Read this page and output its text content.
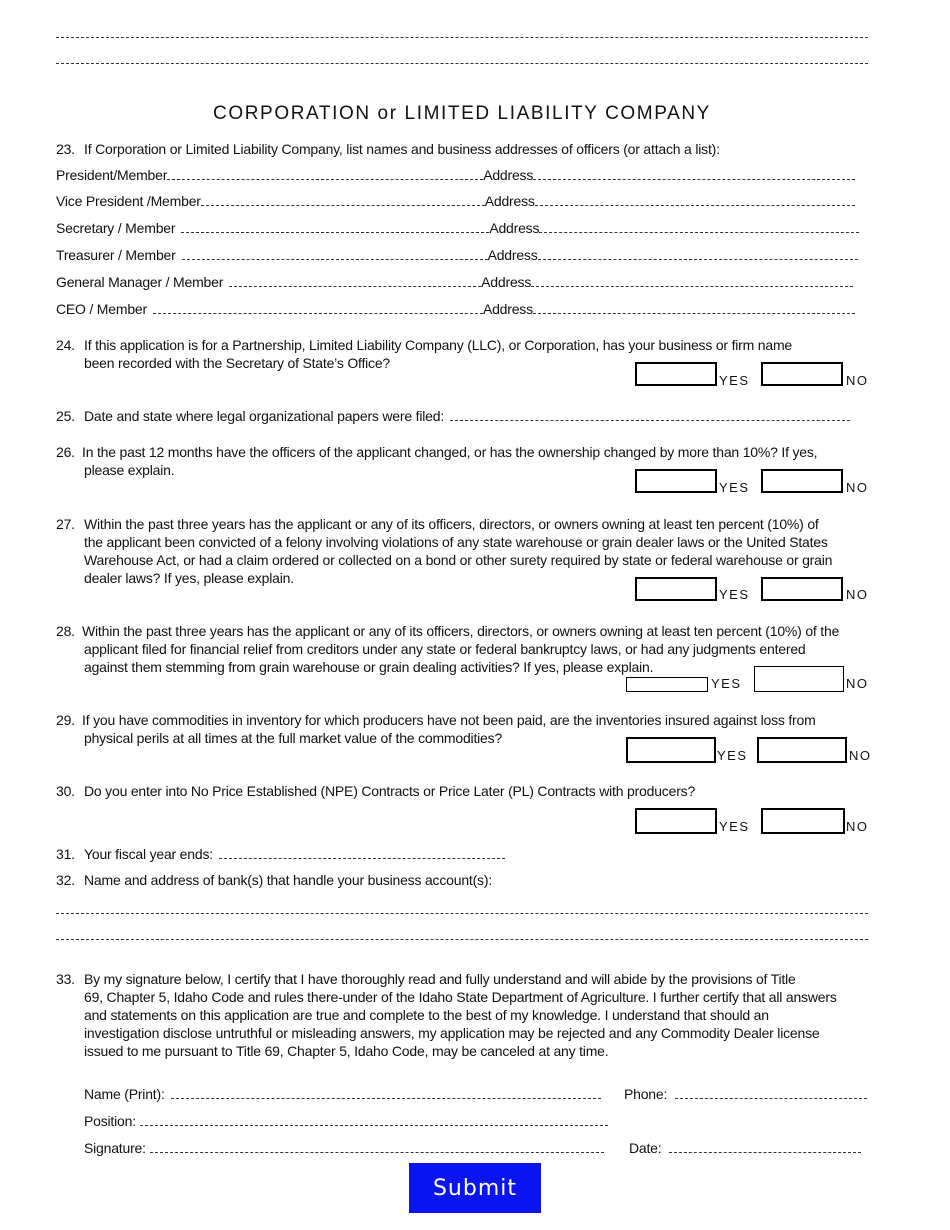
CORPORATION or LIMITED LIABILITY COMPANY
23. If Corporation or Limited Liability Company, list names and business addresses of officers (or attach a list):
President/Member	Address
Vice President /Member	Address
Secretary / Member	Address
Treasurer / Member	Address
General Manager / Member	Address
CEO / Member	Address
24. If this application is for a Partnership, Limited Liability Company (LLC), or Corporation, has your business or firm name
been recorded with the Secretary of State’s Office?
YES	NO
25. Date and state where legal organizational papers were filed:
26. In the past 12 months have the officers of the applicant changed, or has the ownership changed by more than 10%? If yes,
please explain.
YES	NO
27. Within the past three years has the applicant or any of its officers, directors, or owners owning at least ten percent (10%) of
the applicant been convicted of a felony involving violations of any state warehouse or grain dealer laws or the United States
Warehouse Act, or had a claim ordered or collected on a bond or other surety required by state or federal warehouse or grain
dealer laws? If yes, please explain.
YES	NO
28. Within the past three years has the applicant or any of its officers, directors, or owners owning at least ten percent (10%) of the
applicant filed for financial relief from creditors under any state or federal bankruptcy laws, or had any judgments entered
against them stemming from grain warehouse or grain dealing activities? If yes, please explain.
YES	NO
29. If you have commodities in inventory for which producers have not been paid, are the inventories insured against loss from
physical perils at all times at the full market value of the commodities?
YES	NO
30. Do you enter into No Price Established (NPE) Contracts or Price Later (PL) Contracts with producers?
YES	NO
31. Your fiscal year ends:
32. Name and address of bank(s) that handle your business account(s):
33. By my signature below, I certify that I have thoroughly read and fully understand and will abide by the provisions of Title
69, Chapter 5, Idaho Code and rules there-under of the Idaho State Department of Agriculture. I further certify that all answers
and statements on this application are true and complete to the best of my knowledge. I understand that should an
investigation disclose untruthful or misleading answers, my application may be rejected and any Commodity Dealer license
issued to me pursuant to Title 69, Chapter 5, Idaho Code, may be canceled at any time.
Name (Print):	Phone:
Position:
Signature:	Date:
Submit
